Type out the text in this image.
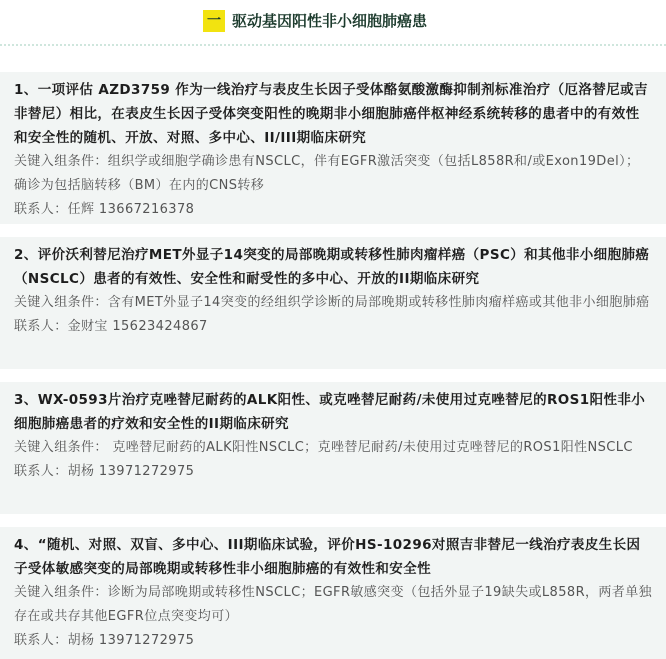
一 驱动基因阳性非小细胞肺癌患
1、一项评估 AZD3759 作为一线治疗与表皮生长因子受体酪氨酸激酶抑制剂标准治疗（厄洛替尼或吉非替尼）相比，在表皮生长因子受体突变阳性的晚期非小细胞肺癌伴枢神经系统转移的患者中的有效性和安全性的随机、开放、对照、多中心、II/III期临床研究
关键入组条件：组织学或细胞学确诊患有NSCLC，伴有EGFR激活突变（包括L858R和/或Exon19Del）；确诊为包括脑转移（BM）在内的CNS转移
联系人：任辉 13667216378
2、评价沃利替尼治疗MET外显子14突变的局部晚期或转移性肺肉瘤样癌（PSC）和其他非小细胞肺癌（NSCLC）患者的有效性、安全性和耐受性的多中心、开放的II期临床研究
关键入组条件：含有MET外显子14突变的经组织学诊断的局部晚期或转移性肺肉瘤样癌或其他非小细胞肺癌
联系人：金财宝 15623424867
3、WX-0593片治疗克唑替尼耐药的ALK阳性、或克唑替尼耐药/未使用过克唑替尼的ROS1阳性非小细胞肺癌患者的疗效和安全性的II期临床研究
关键入组条件： 克唑替尼耐药的ALK阳性NSCLC；克唑替尼耐药/未使用过克唑替尼的ROS1阳性NSCLC
联系人：胡杨 13971272975
4、“随机、对照、双盲、多中心、III期临床试验，评价HS-10296对照吉非替尼一线治疗表皮生长因子受体敏感突变的局部晚期或转移性非小细胞肺癌的有效性和安全性
关键入组条件：诊断为局部晚期或转移性NSCLC；EGFR敏感突变（包括外显子19缺失或L858R，两者单独存在或共存其他EGFR位点突变均可）
联系人：胡杨 13971272975
